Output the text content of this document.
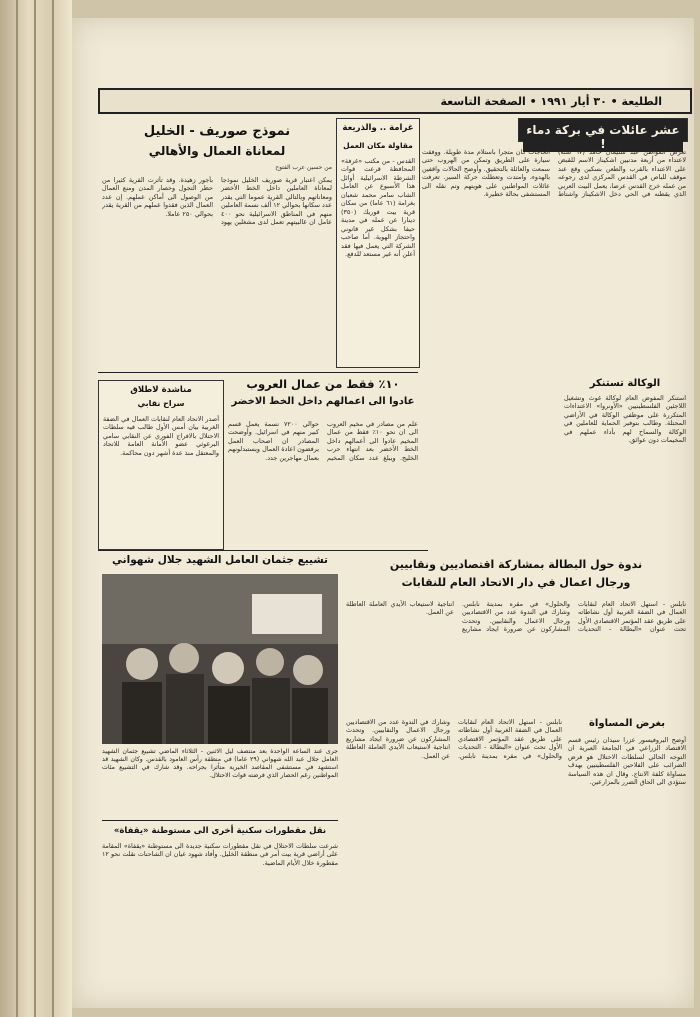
الطليعة • ٣٠ أيار ١٩٩١ • الصفحة التاسعة
عشر عائلات في بركة دماء !
تعرض المواطن عبد سليمان حامد (٦٧ سنة) لاعتداء من أربعة مدنيين اشكيناز الاسم للقبض على الاعتداء بالقرب والطعن بسكين وقع عند موقف للباص في القدس المركزي لدى رجوعه من عمله خرج القدس عرضا، يعمل البيت العربي الذي يقطنه في الحي دخل الاشكيناز واشتاط الحاجات كان متجرا باستلام مدة طويلة. ووفقت سيارة على الطريق وتمكن من الهروب حتى سمعت والعائلة بالتحقيق. وأوضح الحالات واقفين بالهدوء، وامتدت وتعطلت حركة السير. تعرفت عائلات المواطنين على هويتهم وتم نقله الى المستشفى بحالة خطيرة.
غرامة .. والذريعة
مقاولة مكان العمل
القدس - من مكتب «غرفة» المحافظة قرعت قوات الشرطة الاسرائيلية أوائل هذا الأسبوع عن العامل الشاب سامر محمد شعبان بغرامة (٦١ عاما) من سكان قرية بيت فوريك (٣٥٠) دينارا عن عمله في مدينة حيفا بشكل غير قانوني واحتجاز الهوية. أما صاحب الشركة التي يعمل فيها فقد أعلن أنه غير مستعد للدفع.
نموذج صوريف - الخليل
لمعاناة العمال والأهالي
من حسين عرب الفتوح
يمكن اعتبار قرية صوريف الخليل نموذجا لمعاناة العاملين داخل الخط الأخضر ومعاناتهم وبالتالي القرية عموما التي يقدر عدد سكانها بحوالي ١٢ ألف نسمة العاملين منهم في المناطق الاسرائيلية نحو ٤٠٠ عامل ان غالبيتهم تعمل لدى مشغلين يهود بأجور زهيدة. وقد تأثرت القرية كثيرا من حظر التجول وحصار المدن ومنع العمال من الوصول الى أماكن عملهم. إن عدد العمال الذين فقدوا عملهم من القرية يقدر بحوالي ٢٥٠ عاملا.
١٠٪ فقط من عمال العروب
عادوا الى اعمالهم داخل الخط الاخضر
علم من مصادر في مخيم العروب الى ان نحو ١٠٪ فقط من عمال المخيم عادوا الى أعمالهم داخل الخط الأخضر بعد انتهاء حرب الخليج. ويبلغ عدد سكان المخيم حوالي ٧٢٠٠ نسمة يعمل قسم كبير منهم في اسرائيل. وأوضحت المصادر ان اصحاب العمل يرفضون اعادة العمال ويستبدلونهم بعمال مهاجرين جدد.
مناشدة لاطلاق
سراح نقابي
أصدر الاتحاد العام لنقابات العمال في الضفة الغربية بيان أمس الأول طالب فيه سلطات الاحتلال بالافراج الفوري عن النقابي سامي البرغوثي عضو الأمانة العامة للاتحاد والمعتقل منذ عدة أشهر دون محاكمة.
الوكالة تستنكر
استنكر المفوض العام لوكالة غوث وتشغيل اللاجئين الفلسطينيين «الأونروا» الاعتداءات المتكررة على موظفي الوكالة في الأراضي المحتلة. وطالب بتوفير الحماية للعاملين في الوكالة والسماح لهم بأداء عملهم في المخيمات دون عوائق.
تشييع جثمان العامل الشهيد جلال شهواني
جرى عند الساعة الواحدة بعد منتصف ليل الاثنين - الثلاثاء الماضي تشييع جثمان الشهيد العامل جلال عبد الله شهواني (٢٩ عاما) في منطقة رأس العامود بالقدس. وكان الشهيد قد استشهد في مستشفى المقاصد الخيرية متأثرا بجراحه. وقد شارك في التشييع مئات المواطنين رغم الحصار الذي فرضته قوات الاحتلال.
ندوة حول البطالة بمشاركة اقتصاديين ونقابيين
ورجال اعمال في دار الاتحاد العام للنقابات
نابلس - استهل الاتحاد العام لنقابات العمال في الضفة الغربية أول نشاطاته على طريق عقد المؤتمر الاقتصادي الأول تحت عنوان «البطالة - التحديات والحلول» في مقره بمدينة نابلس. وشارك في الندوة عدد من الاقتصاديين ورجال الاعمال والنقابيين. وتحدث المشاركون عن ضرورة ايجاد مشاريع انتاجية لاستيعاب الأيدي العاملة العاطلة عن العمل.
بغرض المساواة
أوضح البروفيسور عزرا سيدان رئيس قسم الاقتصاد الزراعي في الجامعة العبرية ان التوجه الحالي لسلطات الاحتلال هو فرض الضرائب على الفلاحين الفلسطينيين بهدف مساواة كلفة الانتاج. وقال ان هذه السياسة ستؤدي الى الحاق الضرر بالمزارعين.
نابلس - استهل الاتحاد العام لنقابات العمال في الضفة الغربية أول نشاطاته على طريق عقد المؤتمر الاقتصادي الأول تحت عنوان «البطالة - التحديات والحلول» في مقره بمدينة نابلس. وشارك في الندوة عدد من الاقتصاديين ورجال الاعمال والنقابيين. وتحدث المشاركون عن ضرورة ايجاد مشاريع انتاجية لاستيعاب الأيدي العاملة العاطلة عن العمل.
نقل مقطورات سكنية أخرى الى مستوطنة «يقفاة»
شرعت سلطات الاحتلال في نقل مقطورات سكنية جديدة الى مستوطنة «يقفاة» المقامة على أراضي قرية بيت أمر في منطقة الخليل. وأفاد شهود عيان ان الشاحنات نقلت نحو ١٢ مقطورة خلال الأيام الماضية.
